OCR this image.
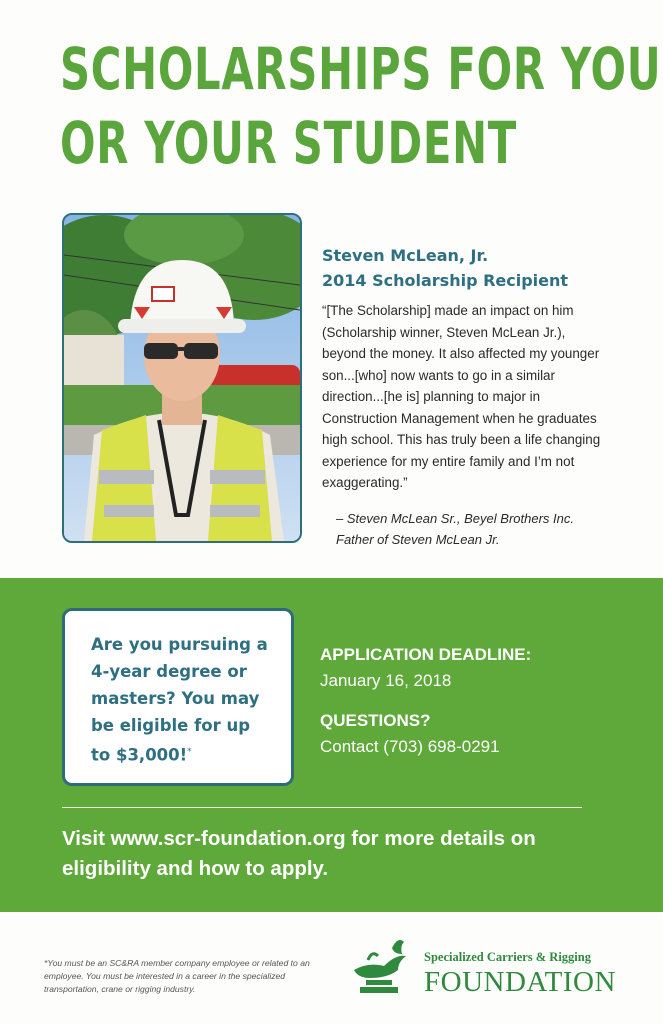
SCHOLARSHIPS FOR YOU
OR YOUR STUDENT
Steven McLean, Jr.
2014 Scholarship Recipient

“[The Scholarship] made an impact on him (Scholarship winner, Steven McLean Jr.), beyond the money. It also affected my younger son...[who] now wants to go in a similar direction...[he is] planning to major in Construction Management when he graduates high school. This has truly been a life changing experience for my entire family and I’m not exaggerating.”

– Steven McLean Sr., Beyel Brothers Inc.
Father of Steven McLean Jr.

Are you pursuing a 4-year degree or masters? You may be eligible for up to $3,000!*

APPLICATION DEADLINE:
January 16, 2018
QUESTIONS?
Contact (703) 698-0291

Visit www.scr-foundation.org for more details on eligibility and how to apply.

*You must be an SC&RA member company employee or related to an employee. You must be interested in a career in the specialized transportation, crane or rigging industry.

Specialized Carriers & Rigging
FOUNDATION
